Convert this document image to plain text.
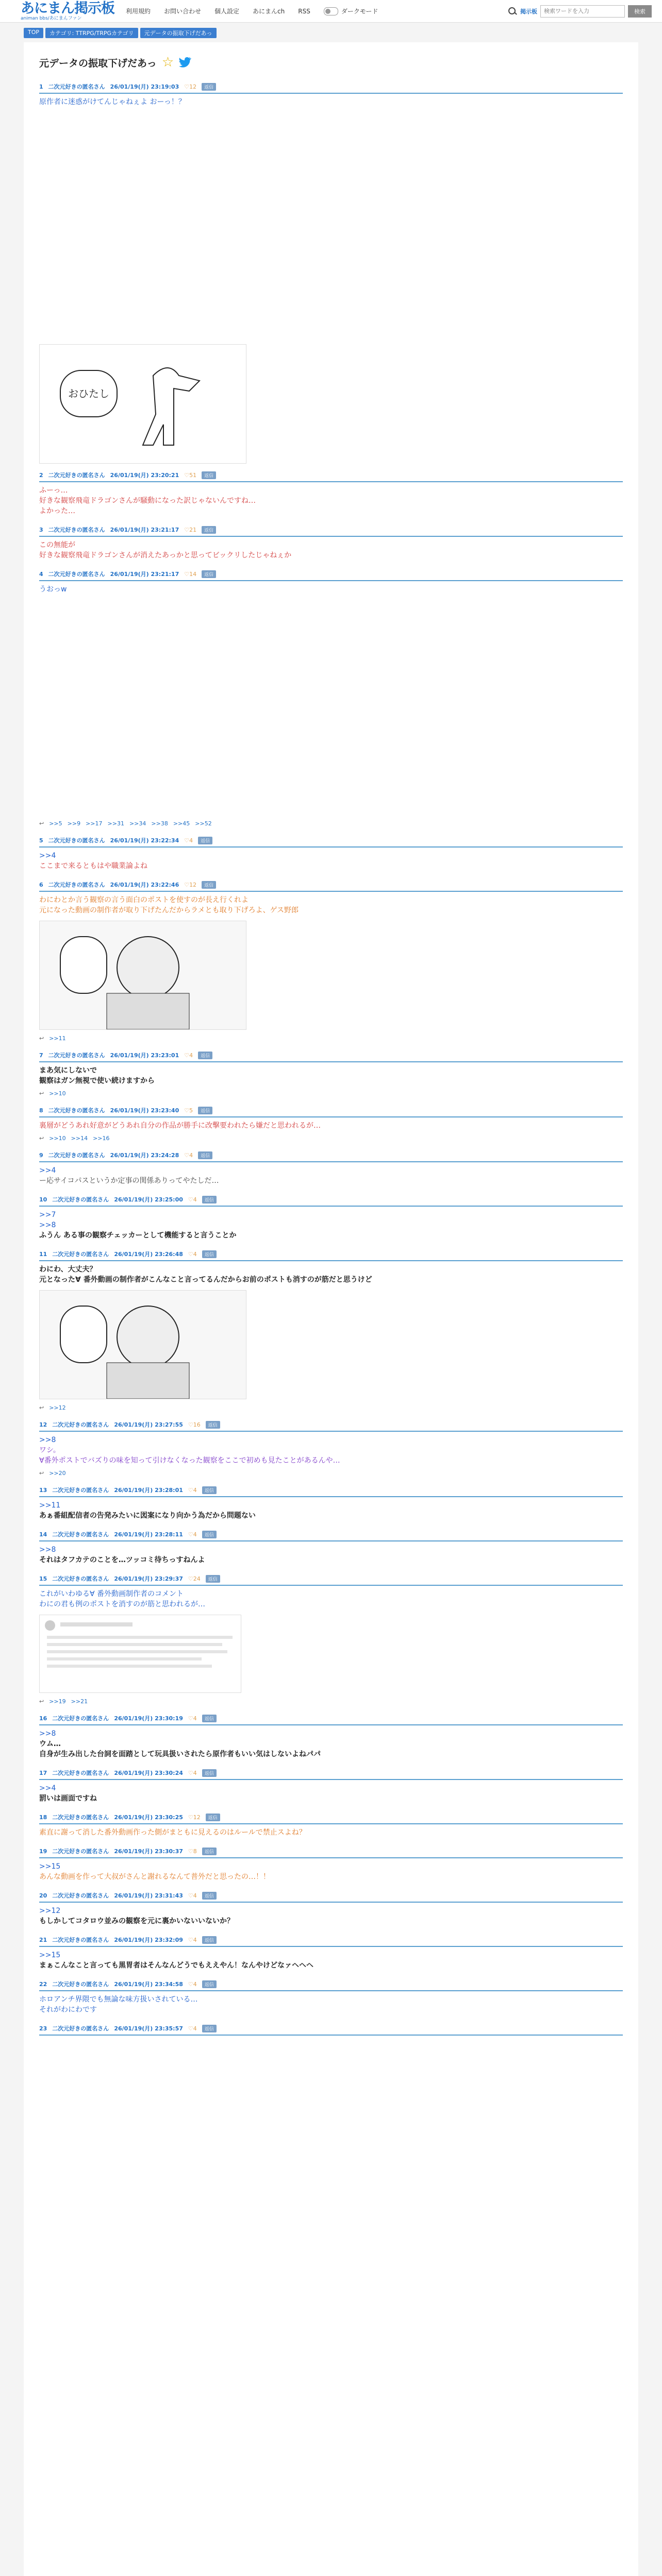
あにまん掲示板
animan bbs/あにまんファン
利用規約 お問い合わせ 個人設定 あにまんch RSS	ダークモード	掲示板
検索ワードを入力	検索
TOP	カテゴリ: TTRPG/TRPGカテゴリ	元データの振取下げだあっ
元データの振取下げだあっ ☆
1 二次元好きの匿名さん 26/01/19(月) 23:19:03 ♡12	返信
原作者に迷惑がけてんじゃねぇよ おーっ！？
おひたし
2 二次元好きの匿名さん 26/01/19(月) 23:20:21 ♡51	返信
ふーっ…
好きな観察飛竜ドラゴンさんが騒動になった訳じゃないんですね…
よかった…
3 二次元好きの匿名さん 26/01/19(月) 23:21:17 ♡21	返信
この無能が
好きな観察飛竜ドラゴンさんが消えたあっかと思ってビックリしたじゃねぇか
4 二次元好きの匿名さん 26/01/19(月) 23:21:17 ♡14	返信
うおっw
↩ >>5 >>9 >>17 >>31 >>34 >>38 >>45 >>52
5 二次元好きの匿名さん 26/01/19(月) 23:22:34 ♡4	返信
>>4
ここまで来るともはや職業論よね
6 二次元好きの匿名さん 26/01/19(月) 23:22:46 ♡12	返信
わにわとか言う観察の言う面白のポストを使すのが長え行くれよ
元になった動画の制作者が取り下げたんだからラメとも取り下げろよ、ゲス野郎
↩ >>11
7 二次元好きの匿名さん 26/01/19(月) 23:23:01 ♡4	返信
まあ気にしないで
観察はガン無視で使い続けますから
↩ >>10
8 二次元好きの匿名さん 26/01/19(月) 23:23:40 ♡5	返信
裏層がどうあれ好意がどうあれ自分の作品が勝手に改擊要われたら嫌だと思われるが…
↩ >>10 >>14 >>16
9 二次元好きの匿名さん 26/01/19(月) 23:24:28 ♡4	返信
>>4
ー応サイコパスというか定事の関係ありってやたしだ…
10 二次元好きの匿名さん 26/01/19(月) 23:25:00 ♡4	返信
>>7
>>8
ふうん ある事の観察チェッカーとして機能すると言うことか
11 二次元好きの匿名さん 26/01/19(月) 23:26:48 ♡4	返信
わにわ、大丈夫？
元となった∀ 番外動画の制作者がこんなこと言ってるんだからお前のポストも消すのが筋だと思うけど
↩ >>12
12 二次元好きの匿名さん 26/01/19(月) 23:27:55 ♡16	返信
>>8
ワシ。
∀番外ポストでバズりの味を知って引けなくなった観察をここで初めも見たことがあるんや…
↩ >>20
13 二次元好きの匿名さん 26/01/19(月) 23:28:01 ♡4	返信
>>11
あぁ番組配信者の告発みたいに図案になり向かう為だから問題ない
14 二次元好きの匿名さん 26/01/19(月) 23:28:11 ♡4	返信
>>8
それはタフカテのことを…ツッコミ待ちっすねんよ
15 二次元好きの匿名さん 26/01/19(月) 23:29:37 ♡24	返信
これがいわゆる∀ 番外動画制作者のコメント
わにの君も例のポストを消すのが筋と思われるが…
↩ >>19 >>21
16 二次元好きの匿名さん 26/01/19(月) 23:30:19 ♡4	返信
>>8
ウム…
自身が生み出した台詞を面踏として玩具扱いされたら原作者もいい気はしないよねパパ
17 二次元好きの匿名さん 26/01/19(月) 23:30:24 ♡4	返信
>>4
罰いは画面ですね
18 二次元好きの匿名さん 26/01/19(月) 23:30:25 ♡12	返信
素直に謝って消した番外動画作った側がまともに見えるのはルールで禁止スよね？
19 二次元好きの匿名さん 26/01/19(月) 23:30:37 ♡8	返信
>>15
あんな動画を作って大叔がさんと謝れるなんて普外だと思ったの…！！
20 二次元好きの匿名さん 26/01/19(月) 23:31:43 ♡4	返信
>>12
もしかしてコタロウ並みの観察を元に裏かいないいないか？
21 二次元好きの匿名さん 26/01/19(月) 23:32:09 ♡4	返信
>>15
まぁこんなこと言っても黒胃者はそんなんどうでもええやん！なんやけどなァヘヘヘ
22 二次元好きの匿名さん 26/01/19(月) 23:34:58 ♡4	返信
ホロアンチ界隈でも無論な味方扱いされている…
それがわにわです
23 二次元好きの匿名さん 26/01/19(月) 23:35:57 ♡4	返信
